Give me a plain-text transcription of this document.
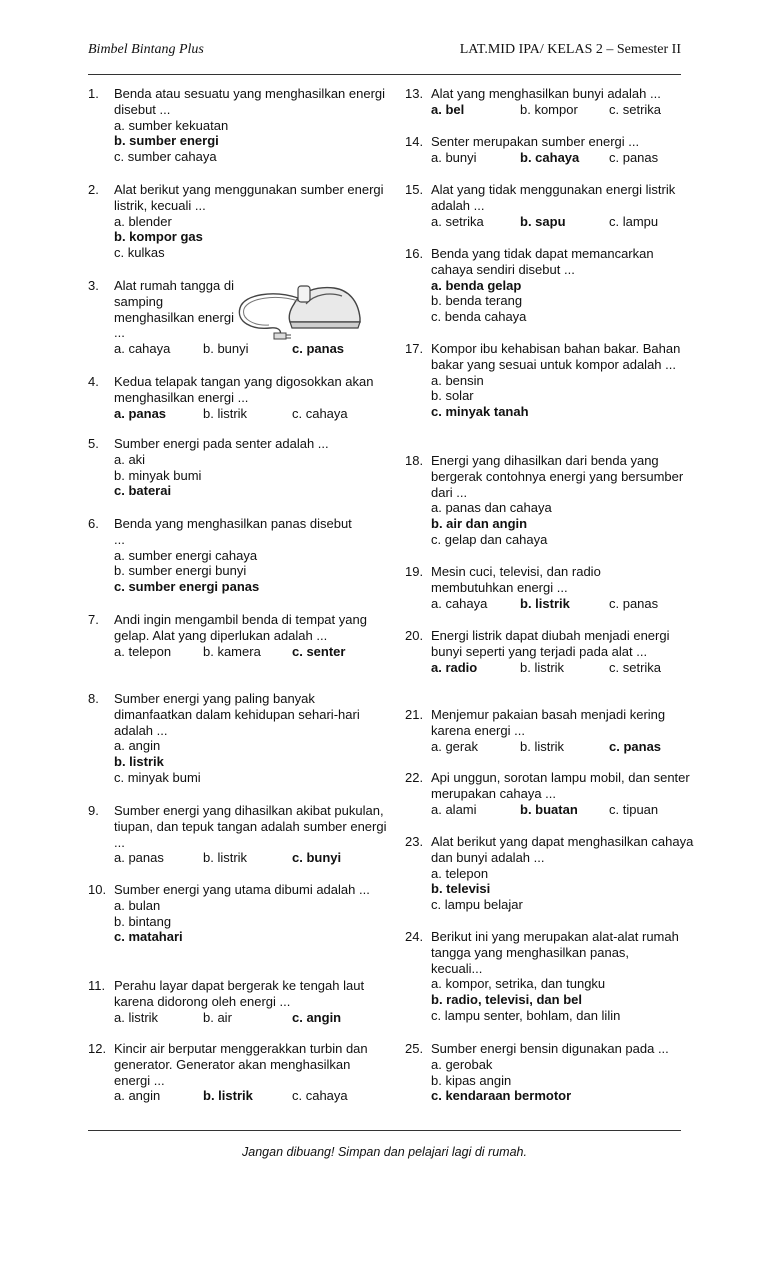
Bimbel Bintang Plus	LAT.MID IPA/ KELAS 2 – Semester II
1. Benda atau sesuatu yang menghasilkan energi disebut ...
a. sumber kekuatan
b. sumber energi
c. sumber cahaya
2. Alat berikut yang menggunakan sumber energi listrik, kecuali ...
a. blender
b. kompor gas
c. kulkas
3. Alat rumah tangga di samping menghasilkan energi ...
a. cahaya	b. bunyi	c. panas
4. Kedua telapak tangan yang digosokkan akan menghasilkan energi ...
a. panas	b. listrik	c. cahaya
5. Sumber energi pada senter adalah ...
a. aki
b. minyak bumi
c. baterai
6. Benda yang menghasilkan panas disebut ...
a. sumber energi cahaya
b. sumber energi bunyi
c. sumber energi panas
7. Andi ingin mengambil benda di tempat yang gelap. Alat yang diperlukan adalah ...
a. telepon b. kamera c. senter
8. Sumber energi yang paling banyak dimanfaatkan dalam kehidupan sehari-hari adalah ...
a. angin
b. listrik
c. minyak bumi
9. Sumber energi yang dihasilkan akibat pukulan, tiupan, dan tepuk tangan adalah sumber energi ...
a. panas	b. listrik	c. bunyi
10. Sumber energi yang utama dibumi adalah ...
a. bulan
b. bintang
c. matahari
11. Perahu layar dapat bergerak ke tengah laut karena didorong oleh energi ...
a. listrik	b. air	c. angin
12. Kincir air berputar menggerakkan turbin dan generator. Generator akan menghasilkan energi ...
a. angin	b. listrik	c. cahaya
13. Alat yang menghasilkan bunyi adalah ...
a. bel	b. kompor c. setrika
14. Senter merupakan sumber energi ...
a. bunyi	b. cahaya c. panas
15. Alat yang tidak menggunakan energi listrik adalah ...
a. setrika	b. sapu	c. lampu
16. Benda yang tidak dapat memancarkan cahaya sendiri disebut ...
a. benda gelap
b. benda terang
c. benda cahaya
17. Kompor ibu kehabisan bahan bakar. Bahan bakar yang sesuai untuk kompor adalah ...
a. bensin
b. solar
c. minyak tanah
18. Energi yang dihasilkan dari benda yang bergerak contohnya energi yang bersumber dari ...
a. panas dan cahaya
b. air dan angin
c. gelap dan cahaya
19. Mesin cuci, televisi, dan radio membutuhkan energi ...
a. cahaya	b. listrik	c. panas
20. Energi listrik dapat diubah menjadi energi bunyi seperti yang terjadi pada alat ...
a. radio	b. listrik	c. setrika
21. Menjemur pakaian basah menjadi kering karena energi ...
a. gerak	b. listrik	c. panas
22. Api unggun, sorotan lampu mobil, dan senter merupakan cahaya ...
a. alami	b. buatan c. tipuan
23. Alat berikut yang dapat menghasilkan cahaya dan bunyi adalah ...
a. telepon
b. televisi
c. lampu belajar
24. Berikut ini yang merupakan alat-alat rumah tangga yang menghasilkan panas, kecuali...
a. kompor, setrika, dan tungku
b. radio, televisi, dan bel
c. lampu senter, bohlam, dan lilin
25. Sumber energi bensin digunakan pada ...
a. gerobak
b. kipas angin
c. kendaraan bermotor
Jangan dibuang! Simpan dan pelajari lagi di rumah.
